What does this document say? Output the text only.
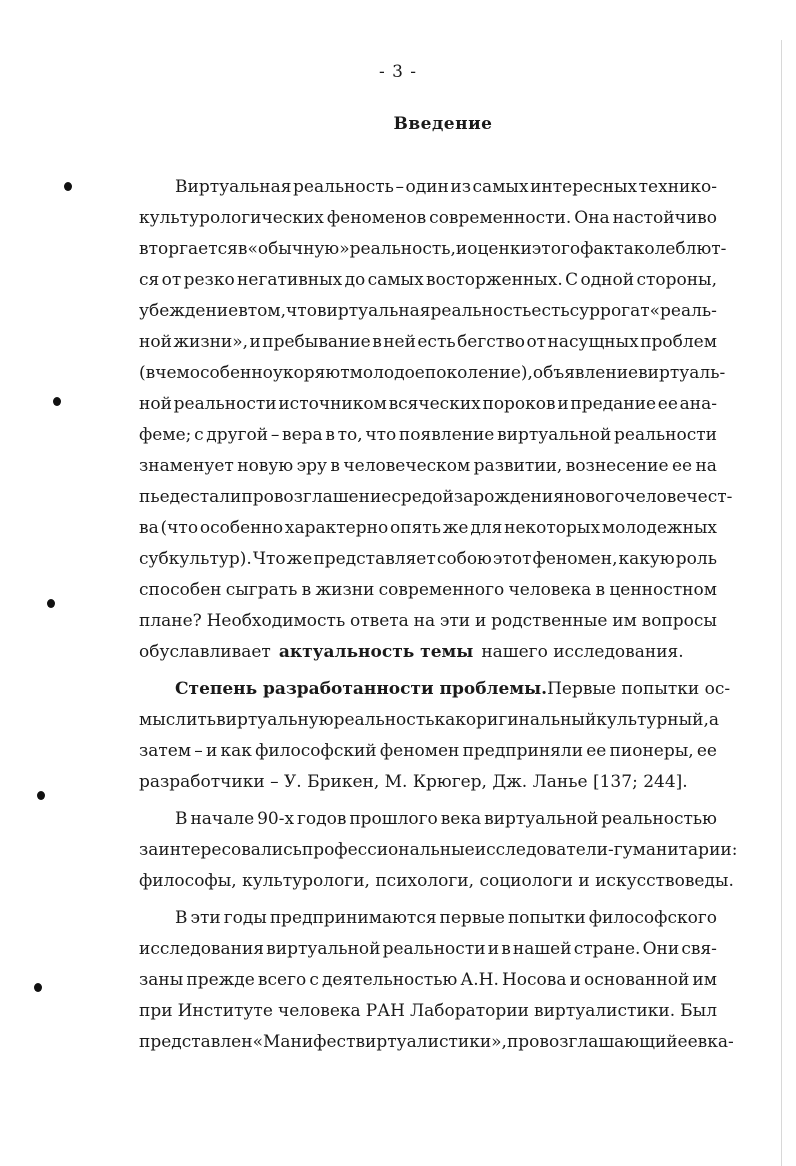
- 3 -
Введение
Виртуальная реальность – один из самых интересных технико-
культурологических феноменов современности. Она настойчиво
вторгается в «обычную» реальность, и оценки этого факта колеблют-
ся от резко негативных до самых восторженных. С одной стороны,
убеждение в том, что виртуальная реальность есть суррогат «реаль-
ной жизни», и пребывание в ней есть бегство от насущных проблем
(в чем особенно укоряют молодое поколение), объявление виртуаль-
ной реальности источником всяческих пороков и предание ее ана-
феме; с другой – вера в то, что появление виртуальной реальности
знаменует новую эру в человеческом развитии, вознесение ее на
пьедестал и провозглашение средой зарождения нового человечест-
ва (что особенно характерно опять же для некоторых молодежных
субкультур). Что же представляет собою этот феномен, какую роль
способен сыграть в жизни современного человека в ценностном
плане? Необходимость ответа на эти и родственные им вопросы
обуславливает актуальность темы нашего исследования.
Степень разработанности проблемы. Первые попытки ос-
мыслить виртуальную реальность как оригинальный культурный, а
затем – и как философский феномен предприняли ее пионеры, ее
разработчики – У. Брикен, М. Крюгер, Дж. Ланье [137; 244].
В начале 90-х годов прошлого века виртуальной реальностью
заинтересовались профессиональные исследователи-гуманитарии:
философы, культурологи, психологи, социологи и искусствоведы.
В эти годы предпринимаются первые попытки философского
исследования виртуальной реальности и в нашей стране. Они свя-
заны прежде всего с деятельностью А.Н. Носова и основанной им
при Институте человека РАН Лаборатории виртуалистики. Был
представлен «Манифест виртуалистики», провозглашающий ее в ка-
